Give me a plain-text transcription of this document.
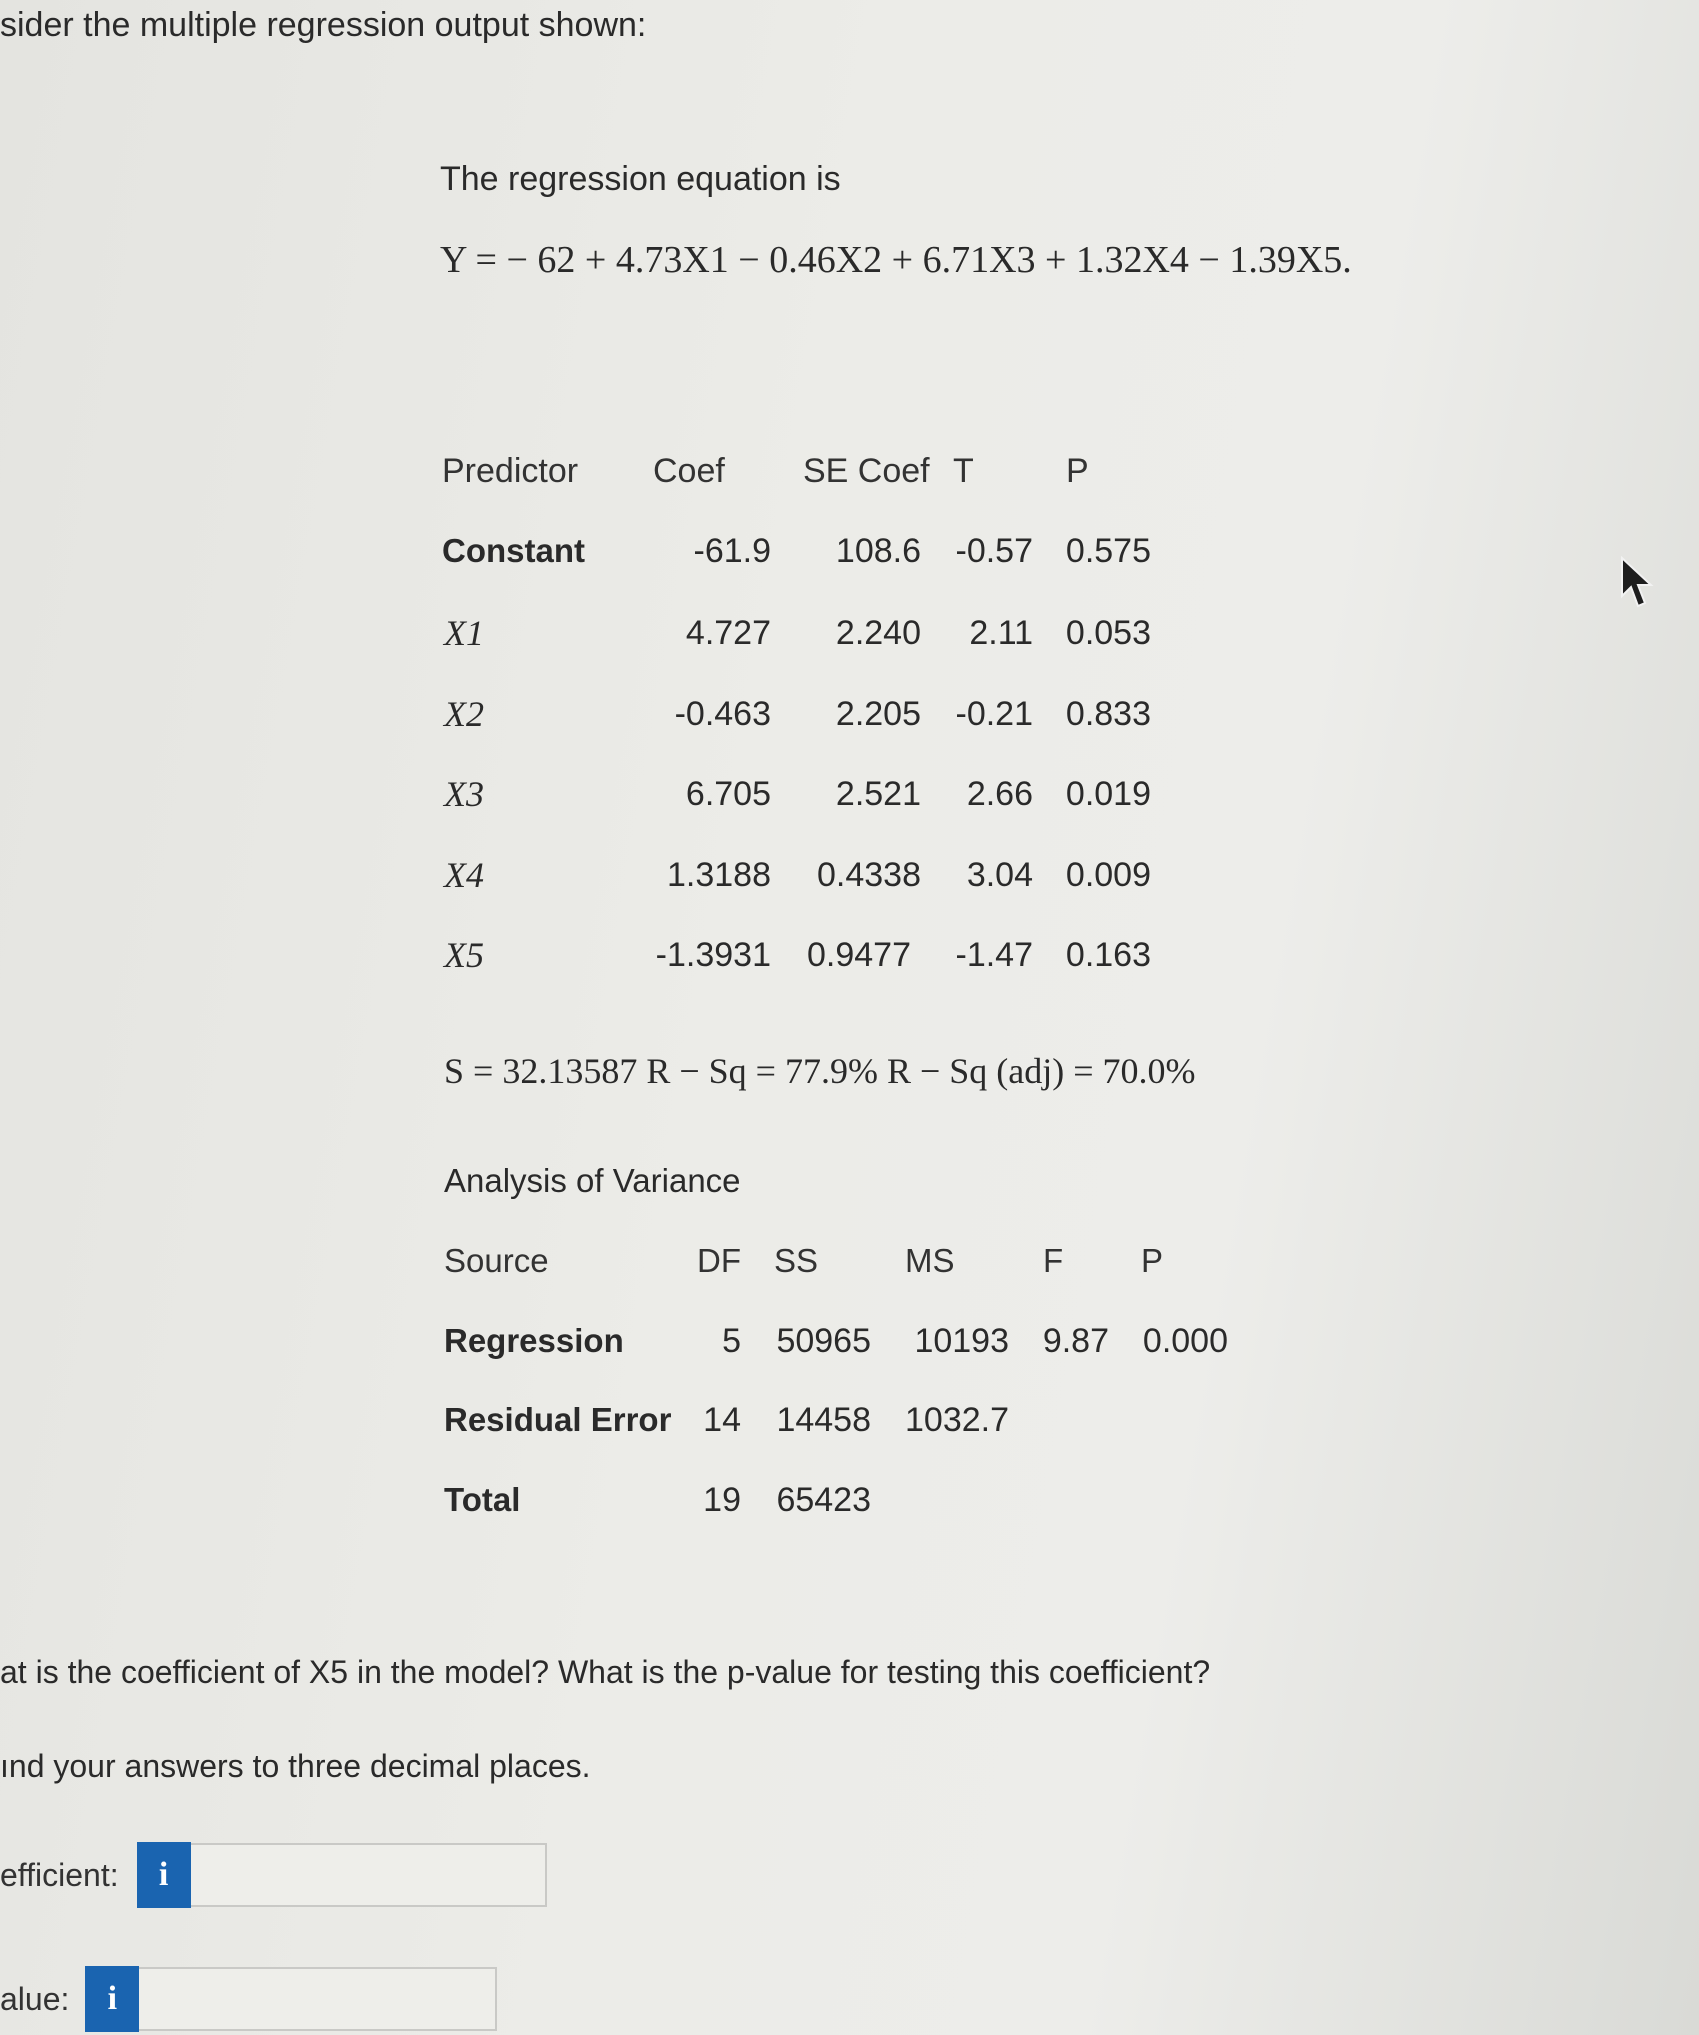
sider the multiple regression output shown:
The regression equation is
Y = − 62 + 4.73X1 − 0.46X2 + 6.71X3 + 1.32X4 − 1.39X5.
Predictor Coef SE Coef T	P
Constant	-61.9 108.6 -0.57 0.575
X1	4.727 2.240 2.11 0.053
X2	-0.463 2.205 -0.21 0.833
X3	6.705 2.521 2.66 0.019
X4	1.3188 0.4338 3.04 0.009
X5	-1.3931 0.9477 -1.47 0.163
S = 32.13587 R − Sq = 77.9% R − Sq (adj) = 70.0%
Analysis of Variance
Source	DF SS	MS	F P
Regression	5 50965 10193 9.87 0.000
Residual Error 14 14458 1032.7
Total	19 65423
at is the coefficient of X5 in the model? What is the p-value for testing this coefficient?
ınd your answers to three decimal places.
efficient:	i
alue:	i
